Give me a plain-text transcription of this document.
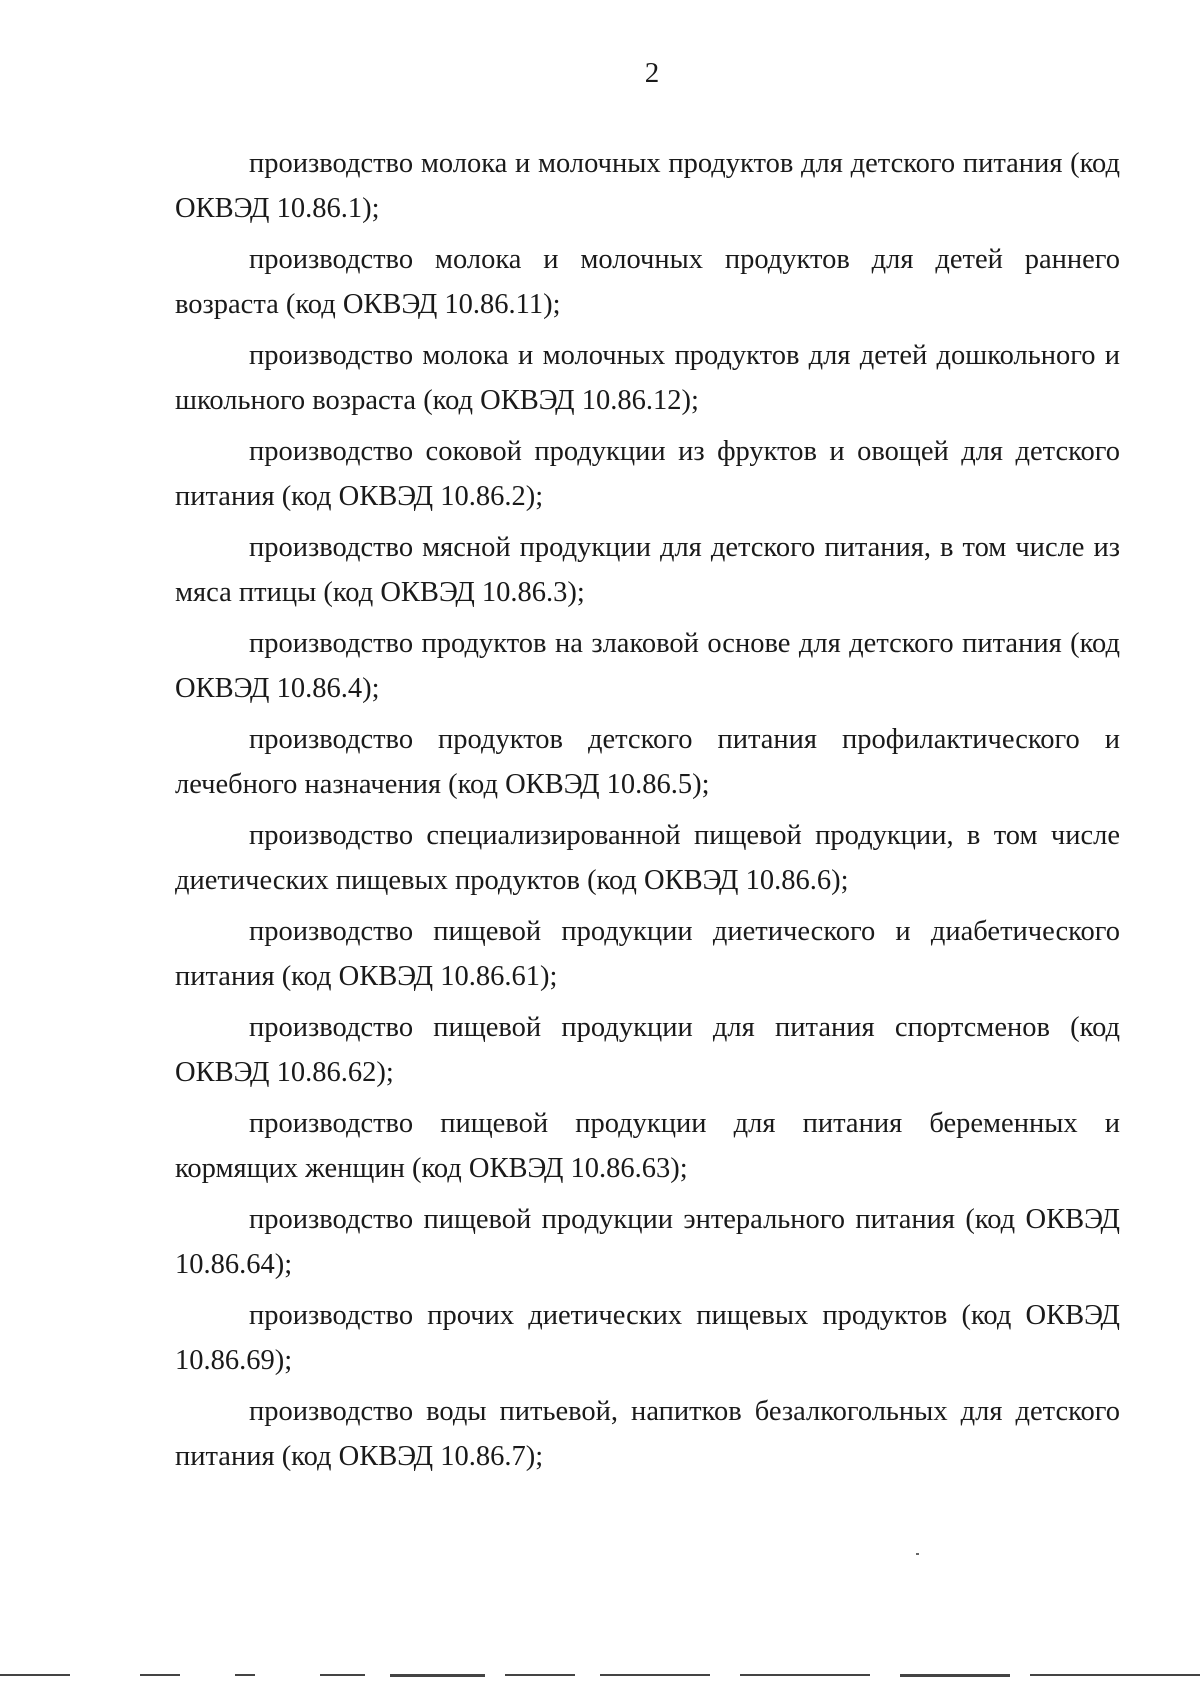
2

производство молока и молочных продуктов для детского питания (код ОКВЭД 10.86.1);

производство молока и молочных продуктов для детей раннего возраста (код ОКВЭД 10.86.11);

производство молока и молочных продуктов для детей дошкольного и школьного возраста (код ОКВЭД 10.86.12);

производство соковой продукции из фруктов и овощей для детского питания (код ОКВЭД 10.86.2);

производство мясной продукции для детского питания, в том числе из мяса птицы (код ОКВЭД 10.86.3);

производство продуктов на злаковой основе для детского питания (код ОКВЭД 10.86.4);

производство продуктов детского питания профилактического и лечебного назначения (код ОКВЭД 10.86.5);

производство специализированной пищевой продукции, в том числе диетических пищевых продуктов (код ОКВЭД 10.86.6);

производство пищевой продукции диетического и диабетического питания (код ОКВЭД 10.86.61);

производство пищевой продукции для питания спортсменов (код ОКВЭД 10.86.62);

производство пищевой продукции для питания беременных и кормящих женщин (код ОКВЭД 10.86.63);

производство пищевой продукции энтерального питания (код ОКВЭД 10.86.64);

производство прочих диетических пищевых продуктов (код ОКВЭД 10.86.69);

производство воды питьевой, напитков безалкогольных для детского питания (код ОКВЭД 10.86.7);
